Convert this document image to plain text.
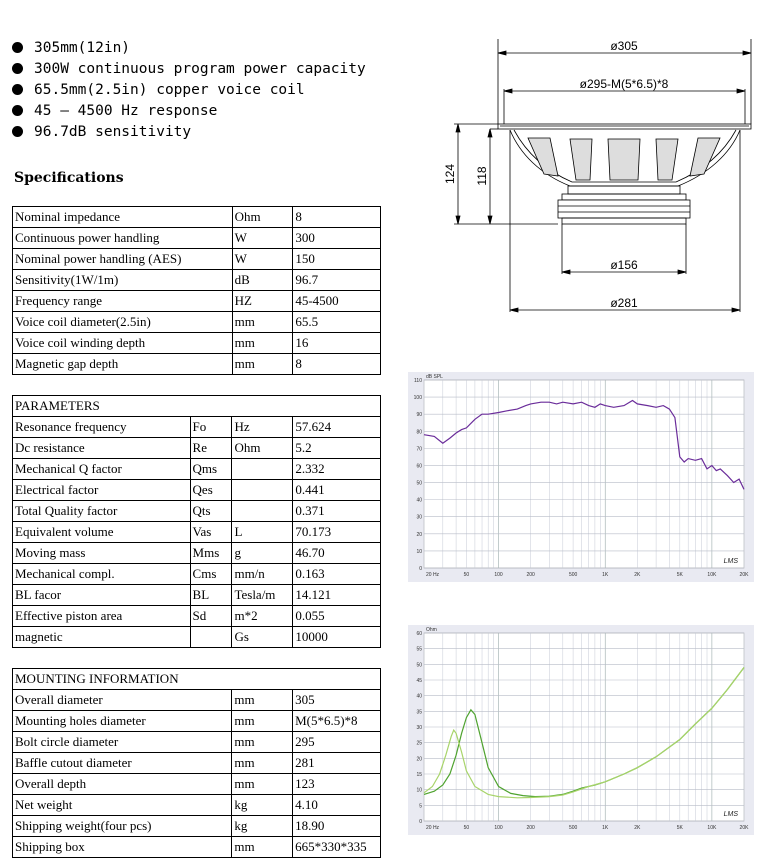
305mm(12in)
300W continuous program power capacity
65.5mm(2.5in) copper voice coil
45 – 4500 Hz response
96.7dB sensitivity
Specifications
Nominal impedance	Ohm	8
Continuous power handling	W	300
Nominal power handling (AES)	W	150
Sensitivity(1W/1m)	dB	96.7
Frequency range	HZ	45-4500
Voice coil diameter(2.5in)	mm	65.5
Voice coil winding depth	mm	16
Magnetic gap depth	mm	8
PARAMETERS			
Resonance frequency	Fo	Hz	57.624
Dc resistance	Re	Ohm	5.2
Mechanical Q factor	Qms		2.332
Electrical factor	Qes		0.441
Total Quality factor	Qts		0.371
Equivalent volume	Vas	L	70.173
Moving mass	Mms	g	46.70
Mechanical compl.	Cms	mm/n	0.163
BL facor	BL	Tesla/m	14.121
Effective piston area	Sd	m*2	0.055
magnetic		Gs	10000
MOUNTING INFORMATION		
Overall diameter	mm	305
Mounting holes diameter	mm	M(5*6.5)*8
Bolt circle diameter	mm	295
Baffle cutout diameter	mm	281
Overall depth	mm	123
Net weight	kg	4.10
Shipping weight(four pcs)	kg	18.90
Shipping box	mm	665*330*335
ø305
ø295-M(5*6.5)*8
ø156
ø281
124 118
110
100
90
80
70
60
50
40
30
20
10
0
20 Hz	50	100	200	500	1K	2K	5K	10K	20K
dB SPL
LMS
60
55
50
45
40
35
30
25
20
15
10
5
0
20 Hz	50	100	200	500	1K	2K	5K	10K	20K
Ohm
LMS
